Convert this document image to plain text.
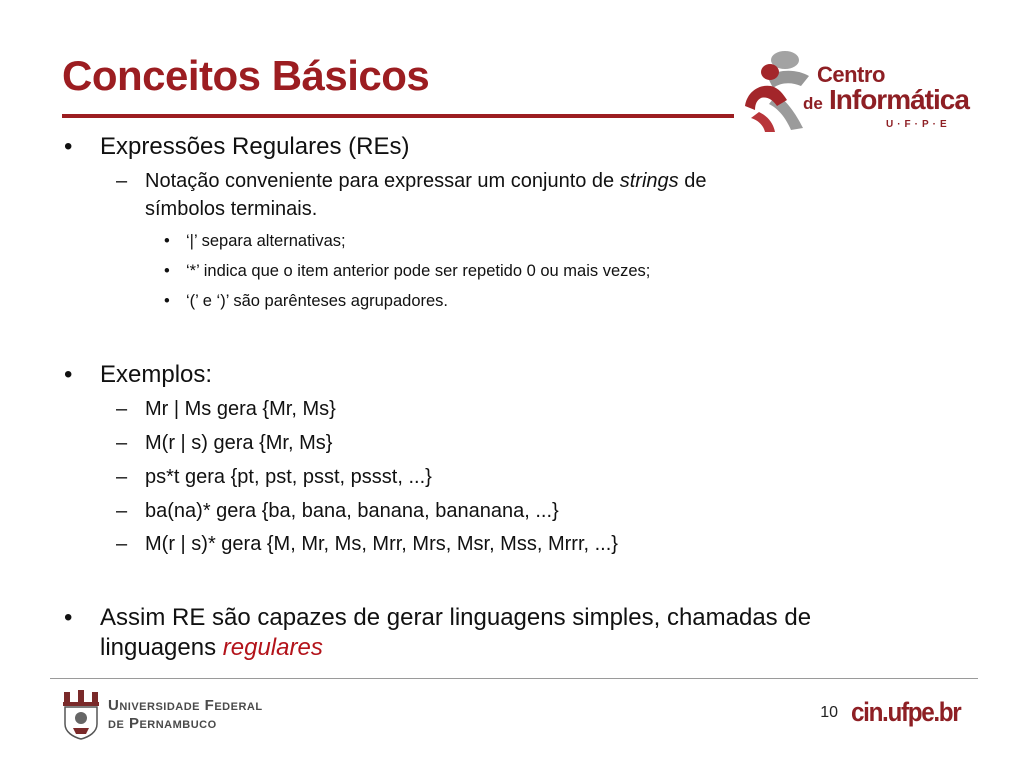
Conceitos Básicos	Centro
de Informática
U·F·P·E
• Expressões Regulares (REs)
– Notação conveniente para expressar um conjunto de strings de
símbolos terminais.
• ‘|’ separa alternativas;
• ‘*’ indica que o item anterior pode ser repetido 0 ou mais vezes;
• ‘(’ e ‘)’ são parênteses agrupadores.
• Exemplos:
– Mr | Ms gera {Mr, Ms}
– M(r | s) gera {Mr, Ms}
– ps*t gera {pt, pst, psst, pssst, ...}
– ba(na)* gera {ba, bana, banana, bananana, ...}
– M(r | s)* gera {M, Mr, Ms, Mrr, Mrs, Msr, Mss, Mrrr, ...}
• Assim RE são capazes de gerar linguagens simples, chamadas de
linguagens regulares
Universidade Federal
de Pernambuco
10 cin.ufpe.br
